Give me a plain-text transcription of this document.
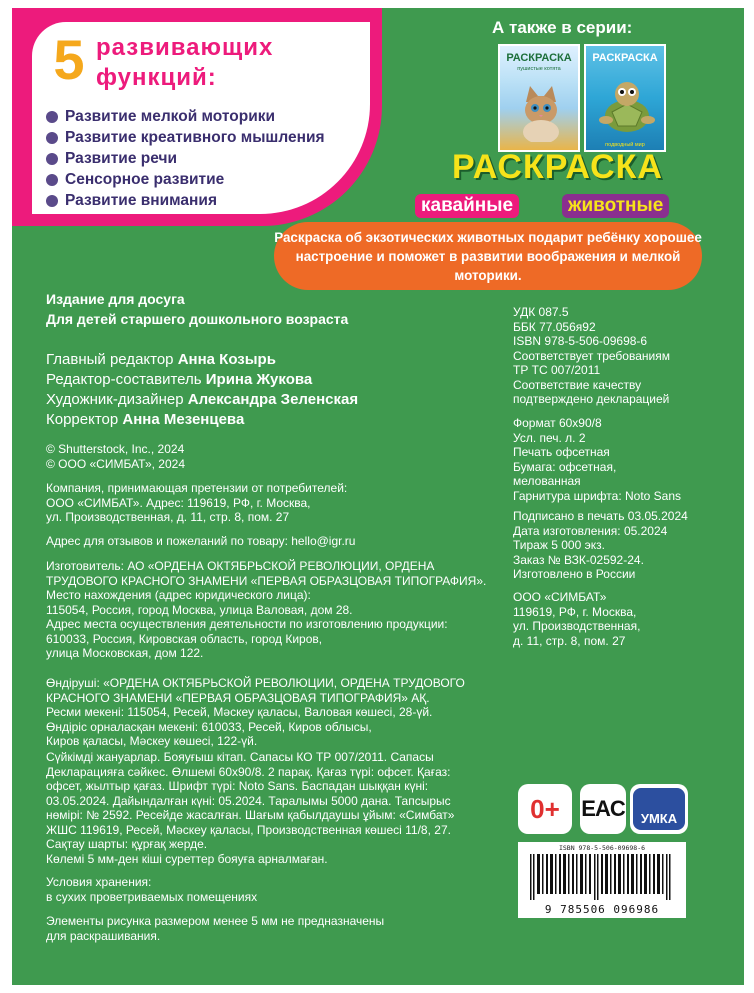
5 развивающих
функций:
Развитие мелкой моторики
Развитие креативного мышления
Развитие речи
Сенсорное развитие
Развитие внимания
А также в серии:
РАСКРАСКА
пушистые котята
РАСКРАСКА
подводный мир
РАСКРАСКА
кавайные	животные
Раскраска об экзотических животных подарит ребёнку хорошее настроение и поможет в развитии воображения и мелкой моторики.
Издание для досуга
Для детей старшего дошкольного возраста
Главный редактор Анна Козырь
Редактор-составитель Ирина Жукова
Художник-дизайнер Александра Зеленская
Корректор Анна Мезенцева
© Shutterstock, Inc., 2024
© ООО «СИМБАТ», 2024
Компания, принимающая претензии от потребителей:
ООО «СИМБАТ». Адрес: 119619, РФ, г. Москва,
ул. Производственная, д. 11, стр. 8, пом. 27
Адрес для отзывов и пожеланий по товару: hello@igr.ru
Изготовитель: АО «ОРДЕНА ОКТЯБРЬСКОЙ РЕВОЛЮЦИИ, ОРДЕНА
ТРУДОВОГО КРАСНОГО ЗНАМЕНИ «ПЕРВАЯ ОБРАЗЦОВАЯ ТИПОГРАФИЯ».
Место нахождения (адрес юридического лица):
115054, Россия, город Москва, улица Валовая, дом 28.
Адрес места осуществления деятельности по изготовлению продукции:
610033, Россия, Кировская область, город Киров,
улица Московская, дом 122.
Өндіруші: «ОРДЕНА ОКТЯБРЬСКОЙ РЕВОЛЮЦИИ, ОРДЕНА ТРУДОВОГО
КРАСНОГО ЗНАМЕНИ «ПЕРВАЯ ОБРАЗЦОВАЯ ТИПОГРАФИЯ» АҚ.
Ресми мекені: 115054, Ресей, Мәскеу қаласы, Валовая көшесі, 28-үй.
Өндіріс орналасқан мекені: 610033, Ресей, Киров облысы,
Киров қаласы, Мәскеу көшесі, 122-үй.
Сүйкімді жануарлар. Бояуғыш кітап. Сапасы КО ТР 007/2011. Сапасы
Декларацияға сәйкес. Өлшемі 60х90/8. 2 парақ. Қағаз түрі: офсет. Қағаз:
офсет, жылтыр қағаз. Шрифт түрі: Noto Sans. Баспадан шыққан күні:
03.05.2024. Дайындалған күні: 05.2024. Таралымы 5000 дана. Тапсырыс
нөмірі: № 2592. Ресейде жасалған. Шағым қабылдаушы ұйым: «Симбат»
ЖШС 119619, Ресей, Мәскеу қаласы, Производственная көшесі 11/8, 27.
Сақтау шарты: құрғақ жерде.
Көлемі 5 мм-ден кіші суреттер бояуға арналмаған.
Условия хранения:
в сухих проветриваемых помещениях
Элементы рисунка размером менее 5 мм не предназначены
для раскрашивания.
УДК 087.5
ББК 77.056я92
ISBN 978-5-506-09698-6
Соответствует требованиям
ТР ТС 007/2011
Соответствие качеству
подтверждено декларацией
Формат 60х90/8
Усл. печ. л. 2
Печать офсетная
Бумага: офсетная,
мелованная
Гарнитура шрифта: Noto Sans
Подписано в печать 03.05.2024
Дата изготовления: 05.2024
Тираж 5 000 экз.
Заказ № ВЗК-02592-24.
Изготовлено в России
ООО «СИМБАТ»
119619, РФ, г. Москва,
ул. Производственная,
д. 11, стр. 8, пом. 27
0+ EAC УМКА
ISBN 978-5-506-09698-6
9 785506 096986
